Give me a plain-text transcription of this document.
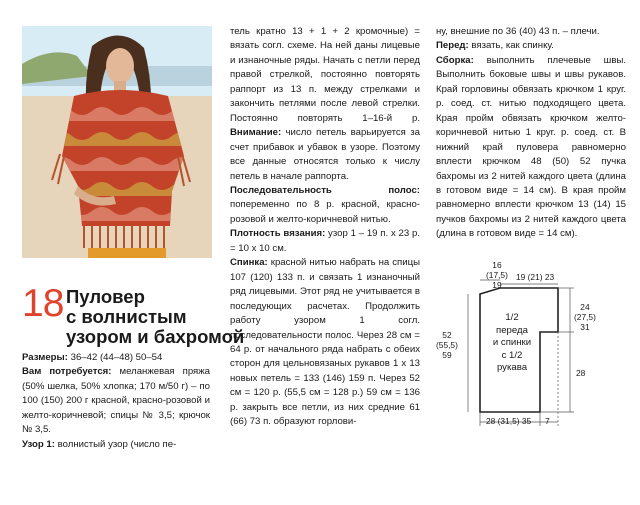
18 Пуловер
с волнистым
узором и бахромой

Размеры: 36–42 (44–48) 50–54

Вам потребуется: меланжевая пряжа (50% шелка, 50% хлопка; 170 м/50 г) – по 100 (150) 200 г красной, красно-розовой и желто-коричневой; спицы № 3,5; крючок № 3,5.

Узор 1: волнистый узор (число пе-

тель кратно 13 + 1 + 2 кромочные) = вязать согл. схеме. На ней даны лицевые и изнаночные ряды. Начать с петли перед правой стрелкой, постоянно повторять раппорт из 13 п. между стрелками и закончить петлями после левой стрелки. Постоянно повторять 1–16-й р. Внимание: число петель варьируется за счет прибавок и убавок в узоре. Поэтому все данные относятся только к числу петель в начале раппорта.

Последовательность полос: попеременно по 8 р. красной, красно-розовой и желто-коричневой нитью.

Плотность вязания: узор 1 – 19 п. х 23 р. = 10 х 10 см.

Спинка: красной нитью набрать на спицы 107 (120) 133 п. и связать 1 изнаночный ряд лицевыми. Этот ряд не учитывается в последующих расчетах. Продолжить работу узором 1 согл. последовательности полос. Через 28 см = 64 р. от начального ряда набрать с обеих сторон для цельновязаных рукавов 1 х 13 новых петель = 133 (146) 159 п. Через 52 см = 120 р. (55,5 см = 128 р.) 59 см = 136 р. закрыть все петли, из них средние 61 (66) 73 п. образуют горлови-

ну, внешние по 36 (40) 43 п. – плечи.

Перед: вязать, как спинку.

Сборка: выполнить плечевые швы. Выполнить боковые швы и швы рукавов. Край горловины обвязать крючком 1 круг. р. соед. ст. нитью подходящего цвета. Края пройм обвязать крючком желто-коричневой нитью 1 круг. р. соед. ст. В нижний край пуловера равномерно вплести крючком 48 (50) 52 пучка бахромы из 2 нитей каждого цвета (длина в готовом виде = 14 см). В края пройм равномерно вплести крючком 13 (14) 15 пучков бахромы из 2 нитей каждого цвета (длина в готовом виде = 14 см).

16
(17,5)
19
19 (21) 23
24
(27,5)
31
52
(55,5)
59
28
28 (31,5) 35 7
1/2
переда
и спинки
с 1/2
рукава
